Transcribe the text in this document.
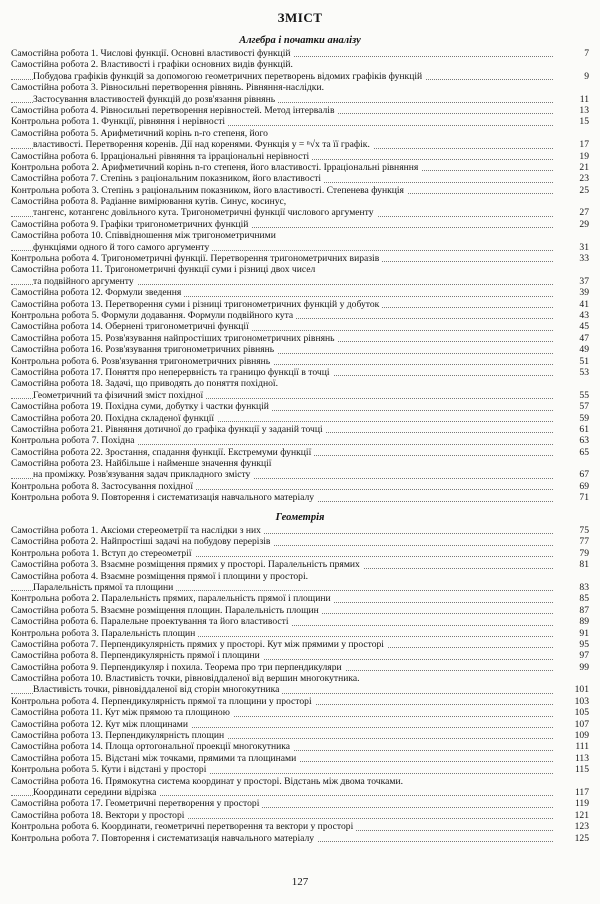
ЗМІСТ
Алгебра і початки аналізу
Самостійна робота 1. Числові функції. Основні властивості функцій	7
Самостійна робота 2. Властивості і графіки основних видів функцій.
Побудова графіків функцій за допомогою геометричних перетворень відомих графіків функцій	9
Самостійна робота 3. Рівносильні перетворення рівнянь. Рівняння-наслідки.
Застосування властивостей функцій до розв'язання рівнянь	11
Самостійна робота 4. Рівносильні перетворення нерівностей. Метод інтервалів	13
Контрольна робота 1. Функції, рівняння і нерівності	15
Самостійна робота 5. Арифметичний корінь n-го степеня, його
властивості. Перетворення коренів. Дії над коренями. Функція y = ⁿ√x та її графік.	17
Самостійна робота 6. Ірраціональні рівняння та ірраціональні нерівності	19
Контрольна робота 2. Арифметичний корінь n-го степеня, його властивості. Ірраціональні рівняння	21
Самостійна робота 7. Степінь з раціональним показником, його властивості	23
Контрольна робота 3. Степінь з раціональним показником, його властивості. Степенева функція	25
Самостійна робота 8. Радіанне вимірювання кутів. Синус, косинус,
тангенс, котангенс довільного кута. Тригонометричні функції числового аргументу	27
Самостійна робота 9. Графіки тригонометричних функцій	29
Самостійна робота 10. Співвідношення між тригонометричними
функціями одного й того самого аргументу	31
Контрольна робота 4. Тригонометричні функції. Перетворення тригонометричних виразів	33
Самостійна робота 11. Тригонометричні функції суми і різниці двох чисел
та подвійного аргументу	37
Самостійна робота 12. Формули зведення	39
Самостійна робота 13. Перетворення суми і різниці тригонометричних функцій у добуток	41
Контрольна робота 5. Формули додавання. Формули подвійного кута	43
Самостійна робота 14. Обернені тригонометричні функції	45
Самостійна робота 15. Розв'язування найпростіших тригонометричних рівнянь	47
Самостійна робота 16. Розв'язування тригонометричних рівнянь	49
Контрольна робота 6. Розв'язування тригонометричних рівнянь	51
Самостійна робота 17. Поняття про неперервність та границю функції в точці	53
Самостійна робота 18. Задачі, що приводять до поняття похідної.
Геометричний та фізичний зміст похідної	55
Самостійна робота 19. Похідна суми, добутку і частки функцій	57
Самостійна робота 20. Похідна складеної функції	59
Самостійна робота 21. Рівняння дотичної до графіка функції у заданій точці	61
Контрольна робота 7. Похідна	63
Самостійна робота 22. Зростання, спадання функції. Екстремуми функції	65
Самостійна робота 23. Найбільше і найменше значення функції
на проміжку. Розв'язування задач прикладного змісту	67
Контрольна робота 8. Застосування похідної	69
Контрольна робота 9. Повторення і систематизація навчального матеріалу	71
Геометрія
Самостійна робота 1. Аксіоми стереометрії та наслідки з них	75
Самостійна робота 2. Найпростіші задачі на побудову перерізів	77
Контрольна робота 1. Вступ до стереометрії	79
Самостійна робота 3. Взаємне розміщення прямих у просторі. Паралельність прямих	81
Самостійна робота 4. Взаємне розміщення прямої і площини у просторі.
Паралельність прямої та площини	83
Контрольна робота 2. Паралельність прямих, паралельність прямої і площини	85
Самостійна робота 5. Взаємне розміщення площин. Паралельність площин	87
Самостійна робота 6. Паралельне проектування та його властивості	89
Контрольна робота 3. Паралельність площин	91
Самостійна робота 7. Перпендикулярність прямих у просторі. Кут між прямими у просторі	95
Самостійна робота 8. Перпендикулярність прямої і площини	97
Самостійна робота 9. Перпендикуляр і похила. Теорема про три перпендикуляри	99
Самостійна робота 10. Властивість точки, рівновіддаленої від вершин многокутника.
Властивість точки, рівновіддаленої від сторін многокутника	101
Контрольна робота 4. Перпендикулярність прямої та площини у просторі	103
Самостійна робота 11. Кут між прямою та площиною	105
Самостійна робота 12. Кут між площинами	107
Самостійна робота 13. Перпендикулярність площин	109
Самостійна робота 14. Площа ортогональної проекції многокутника	111
Самостійна робота 15. Відстані між точками, прямими та площинами	113
Контрольна робота 5. Кути і відстані у просторі	115
Самостійна робота 16. Прямокутна система координат у просторі. Відстань між двома точками.
Координати середини відрізка	117
Самостійна робота 17. Геометричні перетворення у просторі	119
Самостійна робота 18. Вектори у просторі	121
Контрольна робота 6. Координати, геометричні перетворення та вектори у просторі	123
Контрольна робота 7. Повторення і систематизація навчального матеріалу	125
127
